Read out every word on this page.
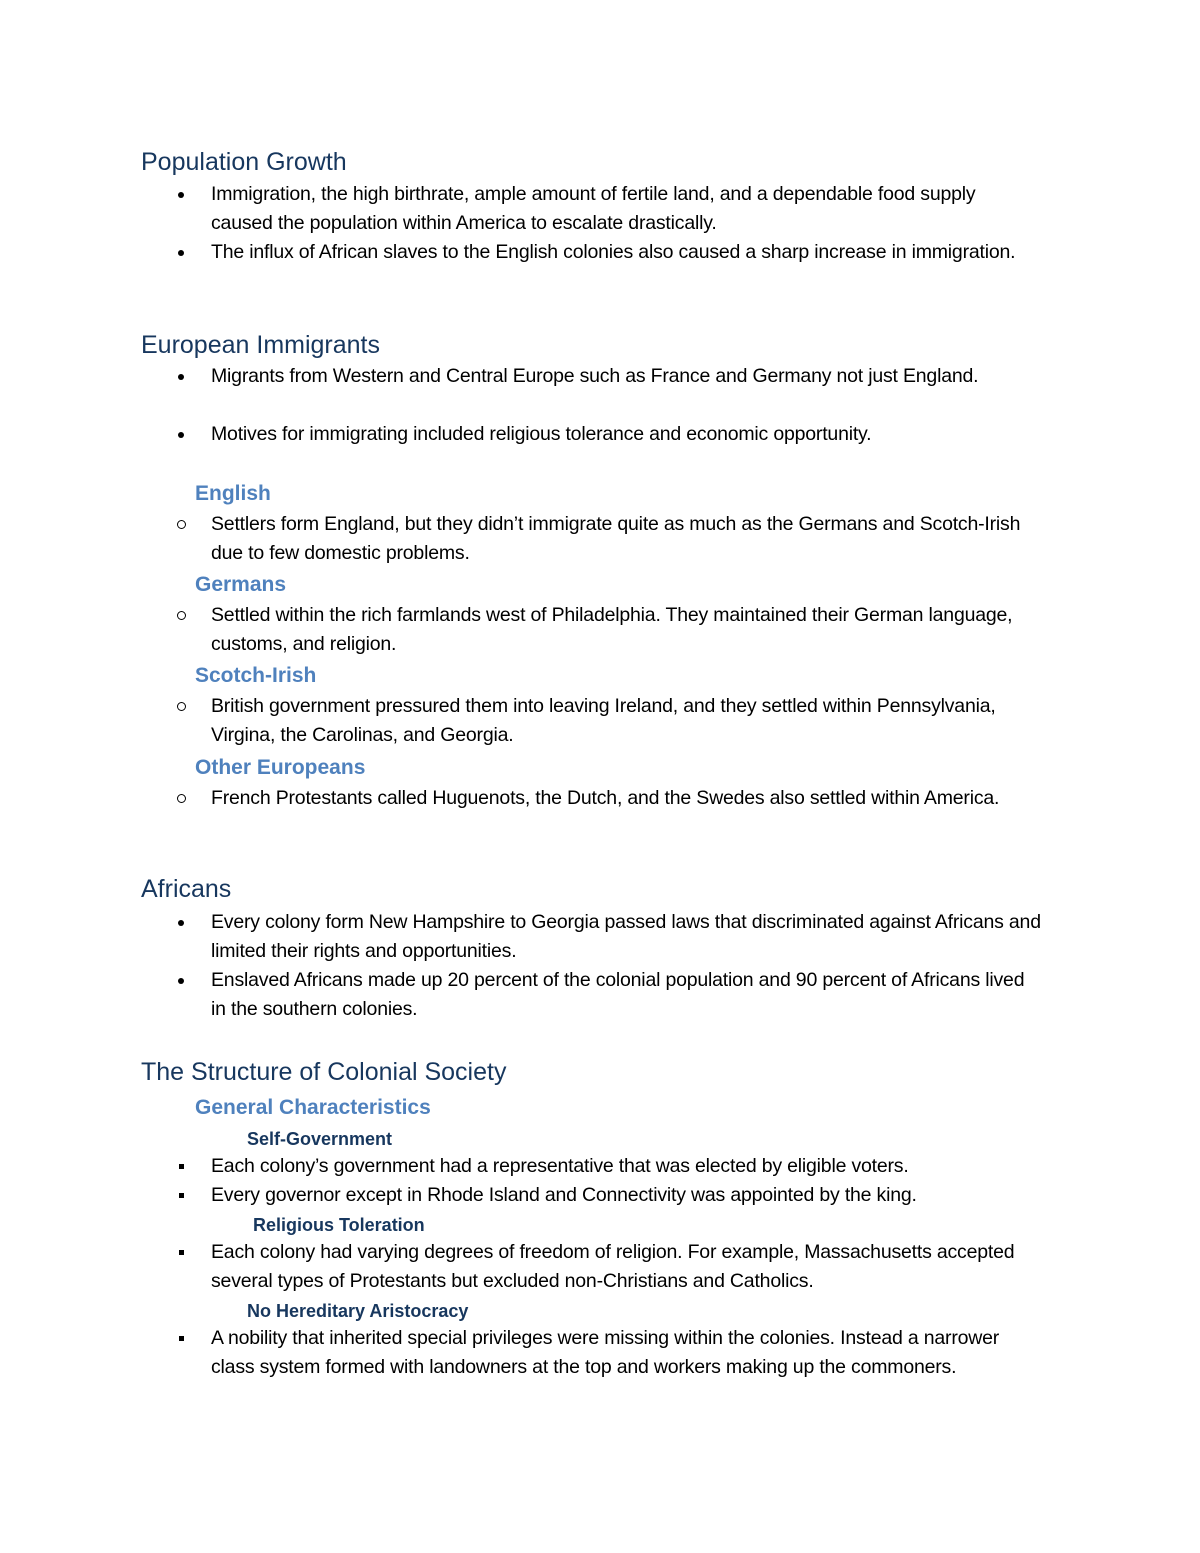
Population Growth
Immigration, the high birthrate, ample amount of fertile land, and a dependable food supply caused the population within America to escalate drastically.
The influx of African slaves to the English colonies also caused a sharp increase in immigration.
European Immigrants
Migrants from Western and Central Europe such as France and Germany not just England.
Motives for immigrating included religious tolerance and economic opportunity.
English
Settlers form England, but they didn’t immigrate quite as much as the Germans and Scotch-Irish due to few domestic problems.
Germans
Settled within the rich farmlands west of Philadelphia. They maintained their German language, customs, and religion.
Scotch-Irish
British government pressured them into leaving Ireland, and they settled within Pennsylvania, Virgina, the Carolinas, and Georgia.
Other Europeans
French Protestants called Huguenots, the Dutch, and the Swedes also settled within America.
Africans
Every colony form New Hampshire to Georgia passed laws that discriminated against Africans and limited their rights and opportunities.
Enslaved Africans made up 20 percent of the colonial population and 90 percent of Africans lived in the southern colonies.
The Structure of Colonial Society
General Characteristics
Self-Government
Each colony’s government had a representative that was elected by eligible voters.
Every governor except in Rhode Island and Connectivity was appointed by the king.
Religious Toleration
Each colony had varying degrees of freedom of religion. For example, Massachusetts accepted several types of Protestants but excluded non-Christians and Catholics.
No Hereditary Aristocracy
A nobility that inherited special privileges were missing within the colonies. Instead a narrower class system formed with landowners at the top and workers making up the commoners.
